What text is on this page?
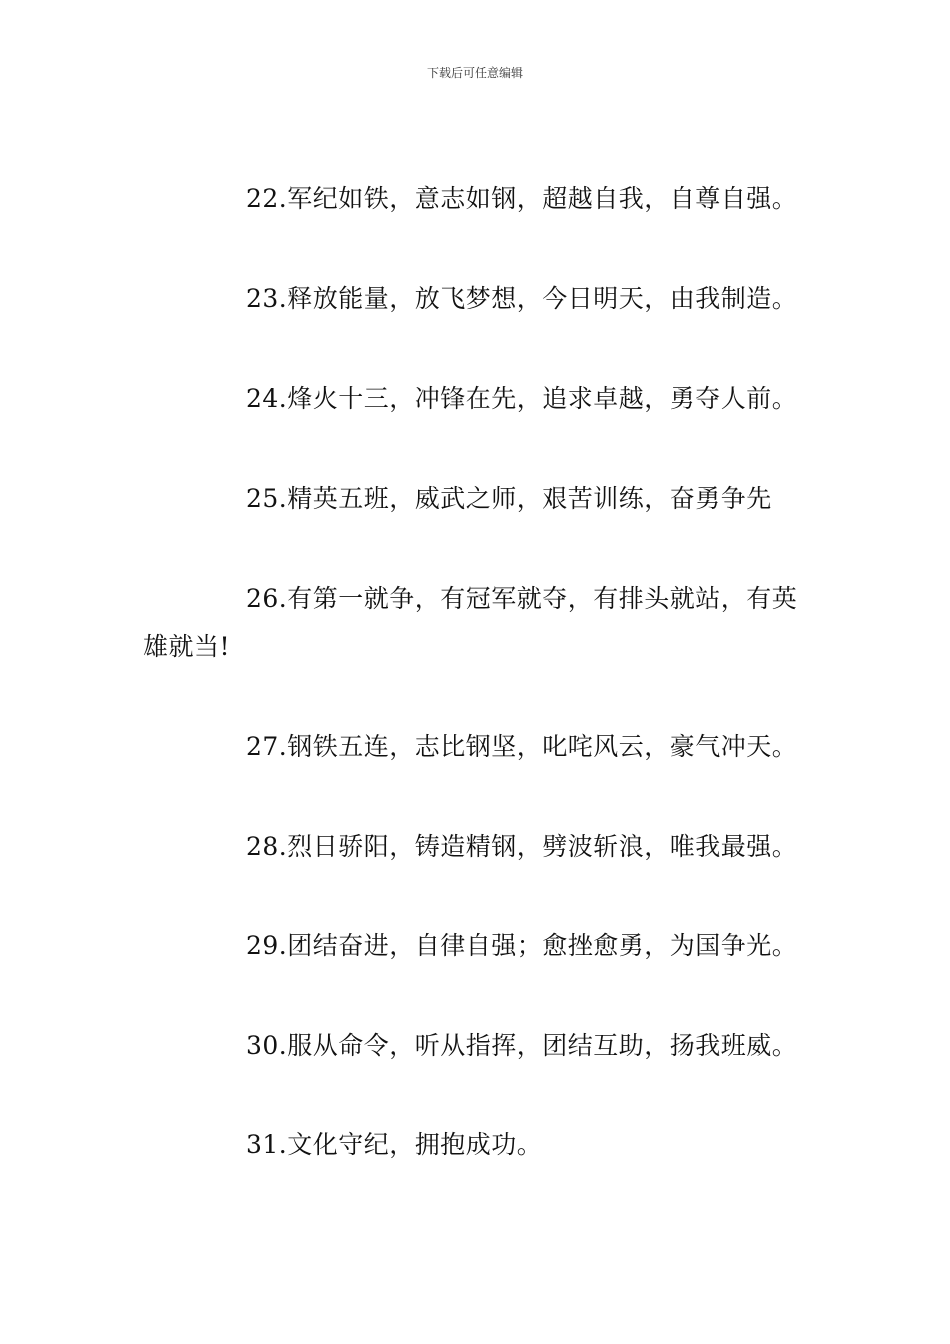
下载后可任意编辑
22.军纪如铁，意志如钢，超越自我，自尊自强。
23.释放能量，放飞梦想，今日明天，由我制造。
24.烽火十三，冲锋在先，追求卓越，勇夺人前。
25.精英五班，威武之师，艰苦训练，奋勇争先
26.有第一就争，有冠军就夺，有排头就站，有英
雄就当!
27.钢铁五连，志比钢坚，叱咤风云，豪气冲天。
28.烈日骄阳，铸造精钢，劈波斩浪，唯我最强。
29.团结奋进，自律自强；愈挫愈勇，为国争光。
30.服从命令，听从指挥，团结互助，扬我班威。
31.文化守纪，拥抱成功。
